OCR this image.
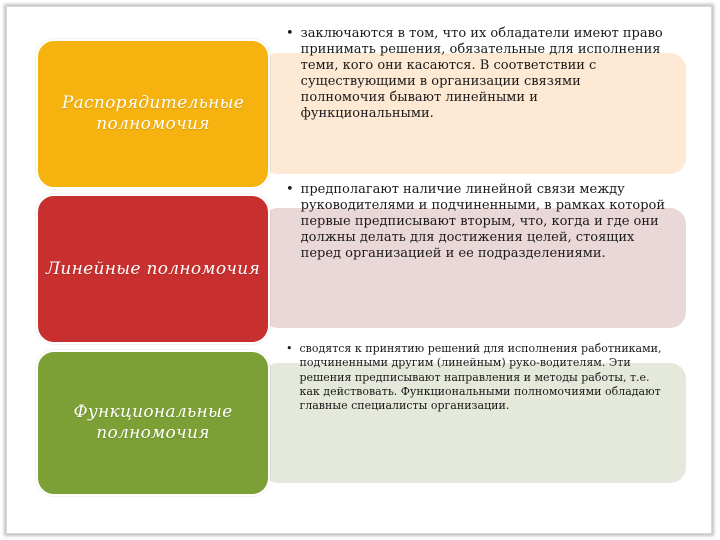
Распорядительные полномочия
• заключаются в том, что их обладатели имеют право принимать решения, обязательные для исполнения теми, кого они касаются. В соответствии с существующими в организации связями полномочия бывают линейными и функциональными.
Линейные полномочия
• предполагают наличие линейной связи между руководителями и подчиненными, в рамках которой первые предписывают вторым, что, когда и где они должны делать для достижения целей, стоящих перед организацией и ее подразделениями.
Функциональные полномочия
• сводятся к принятию решений для исполнения работниками, подчиненными другим (линейным) руко-водителям. Эти решения предписывают направления и методы работы, т.е. как действовать. Функциональными полномочиями обладают главные специалисты организации.
